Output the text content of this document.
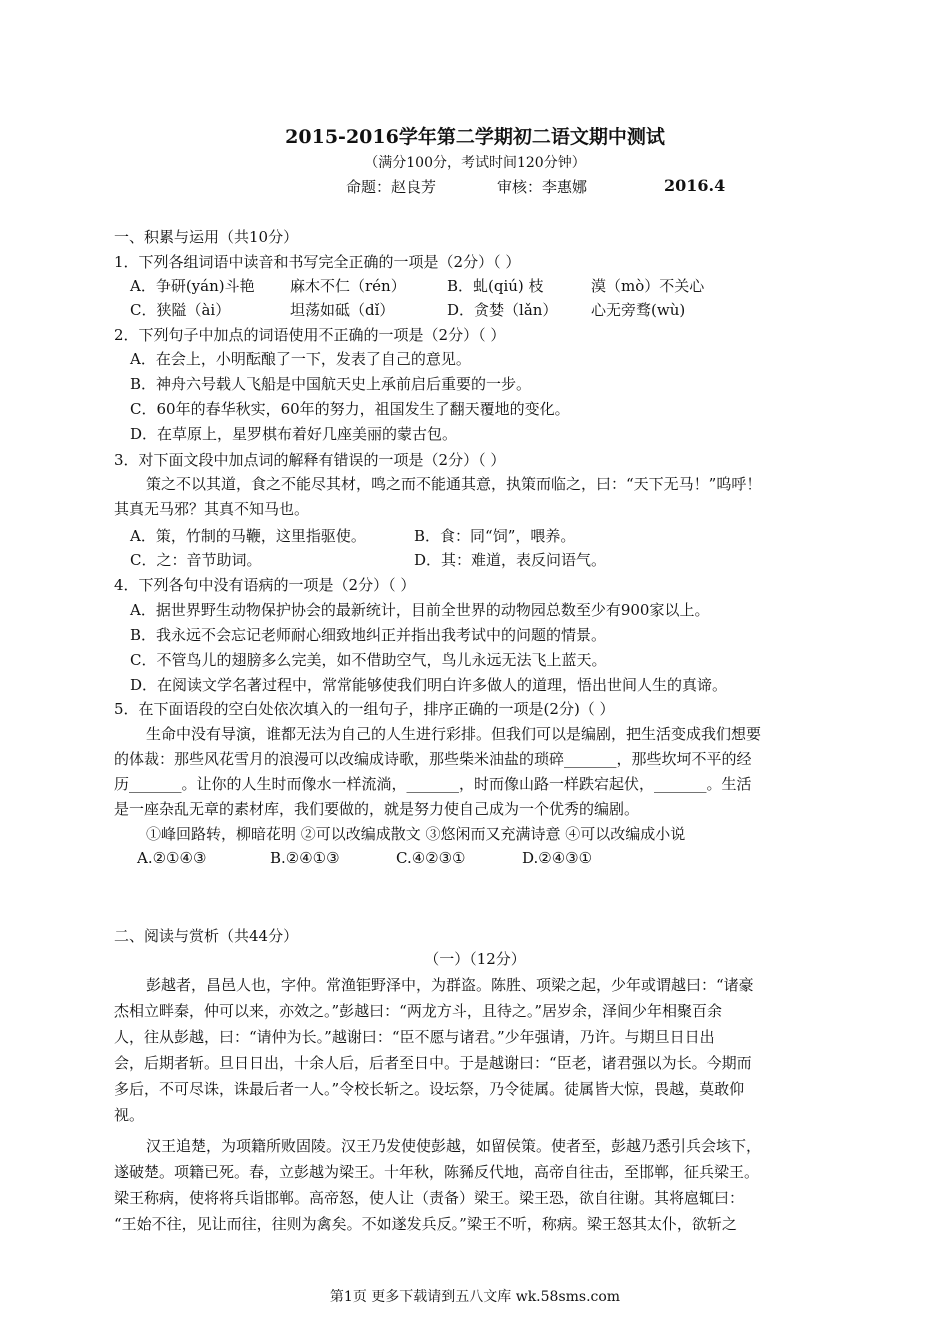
2015-2016学年第二学期初二语文期中测试
（满分100分，考试时间120分钟）
命题：赵良芳	审核：李惠娜	2016.4
一、积累与运用（共10分）
1．下列各组词语中读音和书写完全正确的一项是（2分）（ ）
A．争研(yán)斗艳 麻木不仁（rén）	B．虬(qiú) 枝	漠（mò）不关心
C．狭隘（ài）	坦荡如砥（dǐ）	D．贪婪（lǎn） 心无旁骛(wù)
2．下列句子中加点的词语使用不正确的一项是（2分）（ ）
A．在会上，小明酝酿了一下，发表了自己的意见。
B．神舟六号载人飞船是中国航天史上承前启后重要的一步。
C．60年的春华秋实，60年的努力，祖国发生了翻天覆地的变化。
D．在草原上，星罗棋布着好几座美丽的蒙古包。
3．对下面文段中加点词的解释有错误的一项是（2分）（ ）
策之不以其道，食之不能尽其材，鸣之而不能通其意，执策而临之，曰：“天下无马！”呜呼！
其真无马邪？其真不知马也。
A．策，竹制的马鞭，这里指驱使。	B．食：同“饲”，喂养。
C．之：音节助词。	D．其：难道，表反问语气。
4．下列各句中没有语病的一项是（2分）（ ）
A．据世界野生动物保护协会的最新统计，目前全世界的动物园总数至少有900家以上。
B．我永远不会忘记老师耐心细致地纠正并指出我考试中的问题的情景。
C．不管鸟儿的翅膀多么完美，如不借助空气，鸟儿永远无法飞上蓝天。
D．在阅读文学名著过程中，常常能够使我们明白许多做人的道理，悟出世间人生的真谛。
5．在下面语段的空白处依次填入的一组句子，排序正确的一项是(2分)（ ）
生命中没有导演，谁都无法为自己的人生进行彩排。但我们可以是编剧，把生活变成我们想要
的体裁：那些风花雪月的浪漫可以改编成诗歌，那些柴米油盐的琐碎_______，那些坎坷不平的经
历_______。让你的人生时而像水一样流淌，_______，时而像山路一样跌宕起伏，_______。生活
是一座杂乱无章的素材库，我们要做的，就是努力使自己成为一个优秀的编剧。
①峰回路转，柳暗花明 ②可以改编成散文 ③悠闲而又充满诗意 ④可以改编成小说
A.②①④③	B.②④①③	C.④②③①	D.②④③①
二、阅读与赏析（共44分）
（一）（12分）
彭越者，昌邑人也，字仲。常渔钜野泽中，为群盗。陈胜、项梁之起，少年或谓越曰：“诸豪
杰相立畔秦，仲可以来，亦效之。”彭越曰：“两龙方斗，且待之。”居岁余，泽间少年相聚百余
人，往从彭越，曰：“请仲为长。”越谢曰：“臣不愿与诸君。”少年强请，乃许。与期旦日日出
会，后期者斩。旦日日出，十余人后，后者至日中。于是越谢曰：“臣老，诸君强以为长。今期而
多后，不可尽诛，诛最后者一人。”令校长斩之。设坛祭，乃令徒属。徒属皆大惊，畏越，莫敢仰
视。
汉王追楚，为项籍所败固陵。汉王乃发使使彭越，如留侯策。使者至，彭越乃悉引兵会垓下，
遂破楚。项籍已死。春，立彭越为梁王。十年秋，陈豨反代地，高帝自往击，至邯郸，征兵梁王。
梁王称病，使将将兵诣邯郸。高帝怒，使人让（责备）梁王。梁王恐，欲自往谢。其将扈辄曰：
“王始不往，见让而往，往则为禽矣。不如遂发兵反。”梁王不听，称病。梁王怒其太仆，欲斩之
第1页 更多下载请到五八文库 wk.58sms.com
